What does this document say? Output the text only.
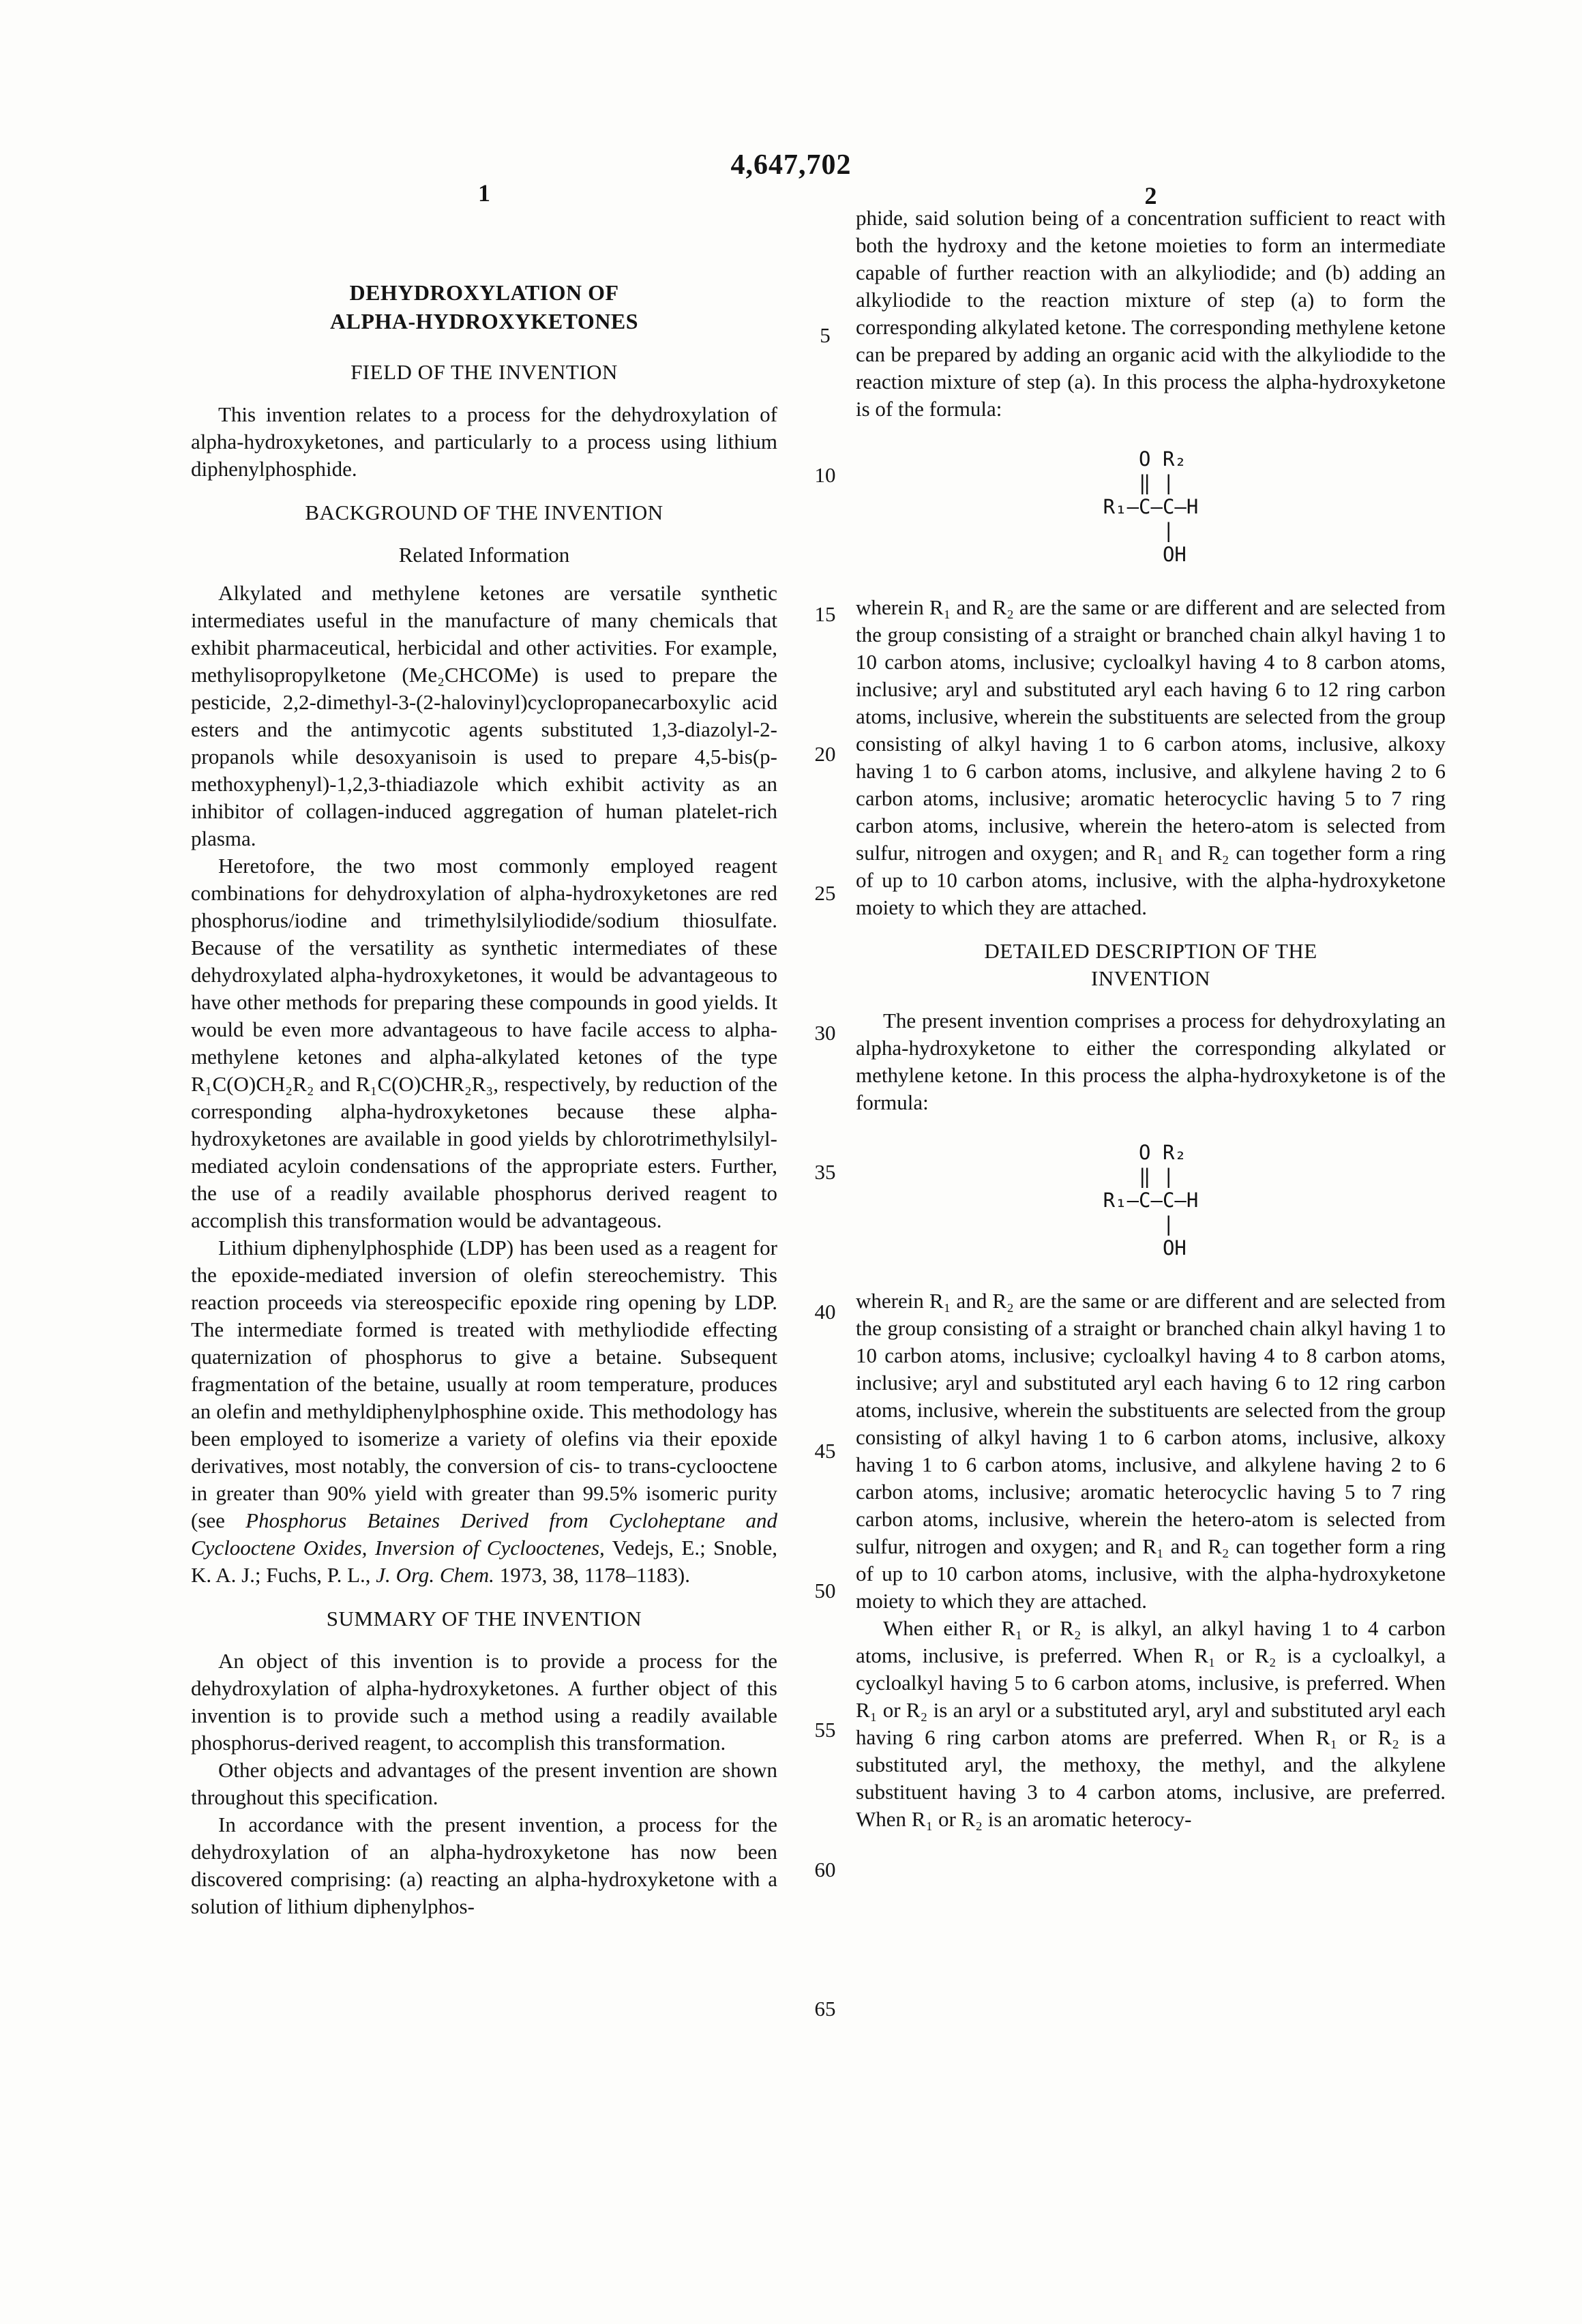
4,647,702
1	2
5
10
15
20
25
30
35
40
45
50
55
60
65
DEHYDROXYLATION OF
ALPHA-HYDROXYKETONES
FIELD OF THE INVENTION

This invention relates to a process for the dehydroxylation of alpha-hydroxyketones, and particularly to a process using lithium diphenylphosphide.

BACKGROUND OF THE INVENTION
Related Information

Alkylated and methylene ketones are versatile synthetic intermediates useful in the manufacture of many chemicals that exhibit pharmaceutical, herbicidal and other activities. For example, methylisopropylketone (Me₂CHCOMe) is used to prepare the pesticide, 2,2-dimethyl-3-(2-halovinyl)cyclopropanecarboxylic acid esters and the antimycotic agents substituted 1,3-diazolyl-2-propanols while desoxyanisoin is used to prepare 4,5-bis(p-methoxyphenyl)-1,2,3-thiadiazole which exhibit activity as an inhibitor of collagen-induced aggregation of human platelet-rich plasma.

Heretofore, the two most commonly employed reagent combinations for dehydroxylation of alpha-hydroxyketones are red phosphorus/iodine and trimethylsilyliodide/sodium thiosulfate. Because of the versatility as synthetic intermediates of these dehydroxylated alpha-hydroxyketones, it would be advantageous to have other methods for preparing these compounds in good yields. It would be even more advantageous to have facile access to alpha-methylene ketones and alpha-alkylated ketones of the type R₁C(O)CH₂R₂ and R₁C(O)CHR₂R₃, respectively, by reduction of the corresponding alpha-hydroxyketones because these alpha-hydroxyketones are available in good yields by chlorotrimethylsilyl-mediated acyloin condensations of the appropriate esters. Further, the use of a readily available phosphorus derived reagent to accomplish this transformation would be advantageous.

Lithium diphenylphosphide (LDP) has been used as a reagent for the epoxide-mediated inversion of olefin stereochemistry. This reaction proceeds via stereospecific epoxide ring opening by LDP. The intermediate formed is treated with methyliodide effecting quaternization of phosphorus to give a betaine. Subsequent fragmentation of the betaine, usually at room temperature, produces an olefin and methyldiphenylphosphine oxide. This methodology has been employed to isomerize a variety of olefins via their epoxide derivatives, most notably, the conversion of cis- to trans-cyclooctene in greater than 90% yield with greater than 99.5% isomeric purity (see Phosphorus Betaines Derived from Cycloheptane and Cyclooctene Oxides, Inversion of Cyclooctenes, Vedejs, E.; Snoble, K. A. J.; Fuchs, P. L., J. Org. Chem. 1973, 38, 1178–1183).

SUMMARY OF THE INVENTION

An object of this invention is to provide a process for the dehydroxylation of alpha-hydroxyketones. A further object of this invention is to provide such a method using a readily available phosphorus-derived reagent, to accomplish this transformation.

Other objects and advantages of the present invention are shown throughout this specification.

In accordance with the present invention, a process for the dehydroxylation of an alpha-hydroxyketone has now been discovered comprising: (a) reacting an alpha-hydroxyketone with a solution of lithium diphenylphos-

phide, said solution being of a concentration sufficient to react with both the hydroxy and the ketone moieties to form an intermediate capable of further reaction with an alkyliodide; and (b) adding an alkyliodide to the reaction mixture of step (a) to form the corresponding alkylated ketone. The corresponding methylene ketone can be prepared by adding an organic acid with the alkyliodide to the reaction mixture of step (a). In this process the alpha-hydroxyketone is of the formula:

O R₂
‖ |
R₁—C—C—H
|
OH

wherein R₁ and R₂ are the same or are different and are selected from the group consisting of a straight or branched chain alkyl having 1 to 10 carbon atoms, inclusive; cycloalkyl having 4 to 8 carbon atoms, inclusive; aryl and substituted aryl each having 6 to 12 ring carbon atoms, inclusive, wherein the substituents are selected from the group consisting of alkyl having 1 to 6 carbon atoms, inclusive, alkoxy having 1 to 6 carbon atoms, inclusive, and alkylene having 2 to 6 carbon atoms, inclusive; aromatic heterocyclic having 5 to 7 ring carbon atoms, inclusive, wherein the hetero-atom is selected from sulfur, nitrogen and oxygen; and R₁ and R₂ can together form a ring of up to 10 carbon atoms, inclusive, with the alpha-hydroxyketone moiety to which they are attached.

DETAILED DESCRIPTION OF THE
INVENTION

The present invention comprises a process for dehydroxylating an alpha-hydroxyketone to either the corresponding alkylated or methylene ketone. In this process the alpha-hydroxyketone is of the formula:

O R₂
‖ |
R₁—C—C—H
|
OH

wherein R₁ and R₂ are the same or are different and are selected from the group consisting of a straight or branched chain alkyl having 1 to 10 carbon atoms, inclusive; cycloalkyl having 4 to 8 carbon atoms, inclusive; aryl and substituted aryl each having 6 to 12 ring carbon atoms, inclusive, wherein the substituents are selected from the group consisting of alkyl having 1 to 6 carbon atoms, inclusive, alkoxy having 1 to 6 carbon atoms, inclusive, and alkylene having 2 to 6 carbon atoms, inclusive; aromatic heterocyclic having 5 to 7 ring carbon atoms, inclusive, wherein the hetero-atom is selected from sulfur, nitrogen and oxygen; and R₁ and R₂ can together form a ring of up to 10 carbon atoms, inclusive, with the alpha-hydroxyketone moiety to which they are attached.

When either R₁ or R₂ is alkyl, an alkyl having 1 to 4 carbon atoms, inclusive, is preferred. When R₁ or R₂ is a cycloalkyl, a cycloalkyl having 5 to 6 carbon atoms, inclusive, is preferred. When R₁ or R₂ is an aryl or a substituted aryl, aryl and substituted aryl each having 6 ring carbon atoms are preferred. When R₁ or R₂ is a substituted aryl, the methoxy, the methyl, and the alkylene substituent having 3 to 4 carbon atoms, inclusive, are preferred. When R₁ or R₂ is an aromatic heterocy-
